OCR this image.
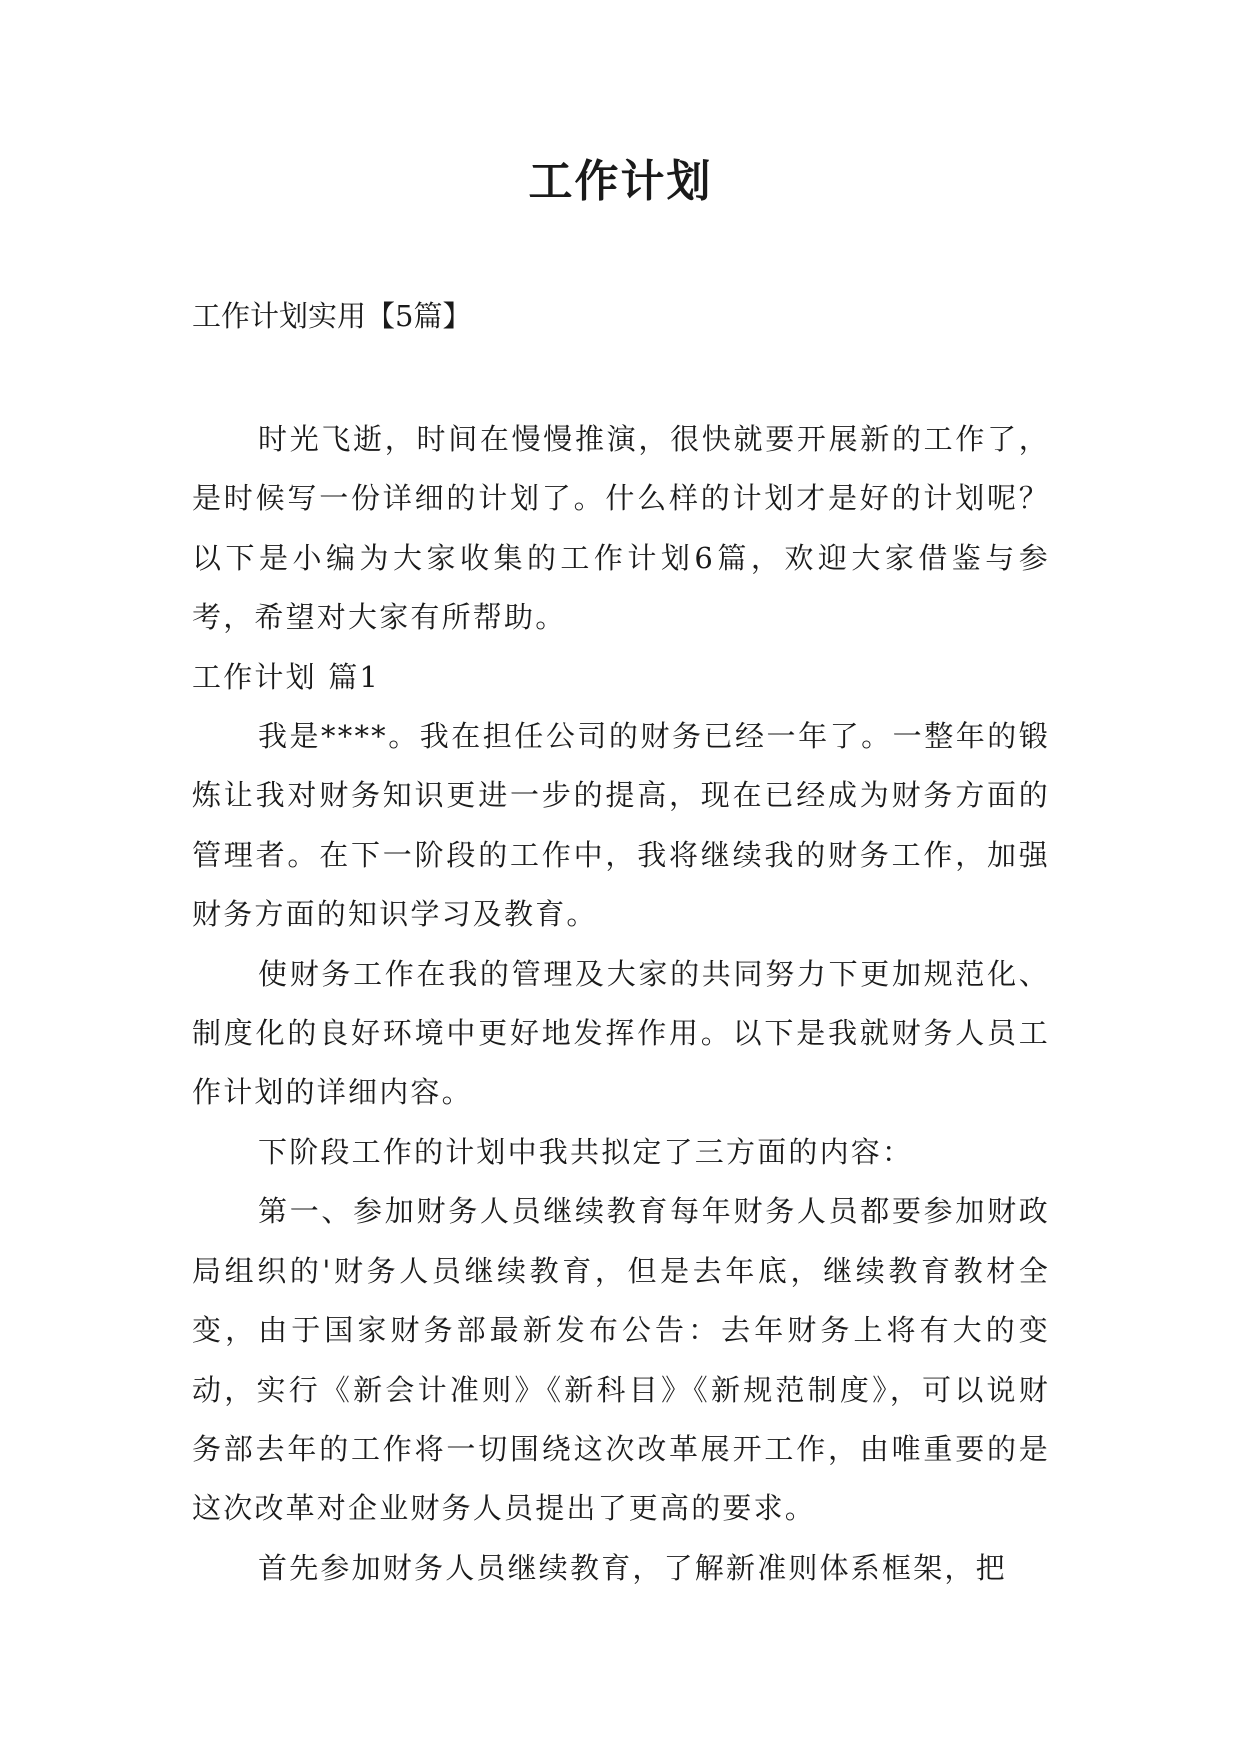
工作计划
工作计划实用【5篇】

时光飞逝，时间在慢慢推演，很快就要开展新的工作了，是时候写一份详细的计划了。什么样的计划才是好的计划呢？以下是小编为大家收集的工作计划6篇，欢迎大家借鉴与参考，希望对大家有所帮助。

工作计划 篇1

我是****。我在担任公司的财务已经一年了。一整年的锻炼让我对财务知识更进一步的提高，现在已经成为财务方面的管理者。在下一阶段的工作中，我将继续我的财务工作，加强财务方面的知识学习及教育。

使财务工作在我的管理及大家的共同努力下更加规范化、制度化的良好环境中更好地发挥作用。以下是我就财务人员工作计划的详细内容。

下阶段工作的计划中我共拟定了三方面的内容：

第一、参加财务人员继续教育每年财务人员都要参加财政局组织的'财务人员继续教育，但是去年底，继续教育教材全变，由于国家财务部最新发布公告：去年财务上将有大的变动，实行《新会计准则》《新科目》《新规范制度》，可以说财务部去年的工作将一切围绕这次改革展开工作，由唯重要的是这次改革对企业财务人员提出了更高的要求。

首先参加财务人员继续教育，了解新准则体系框架，把
